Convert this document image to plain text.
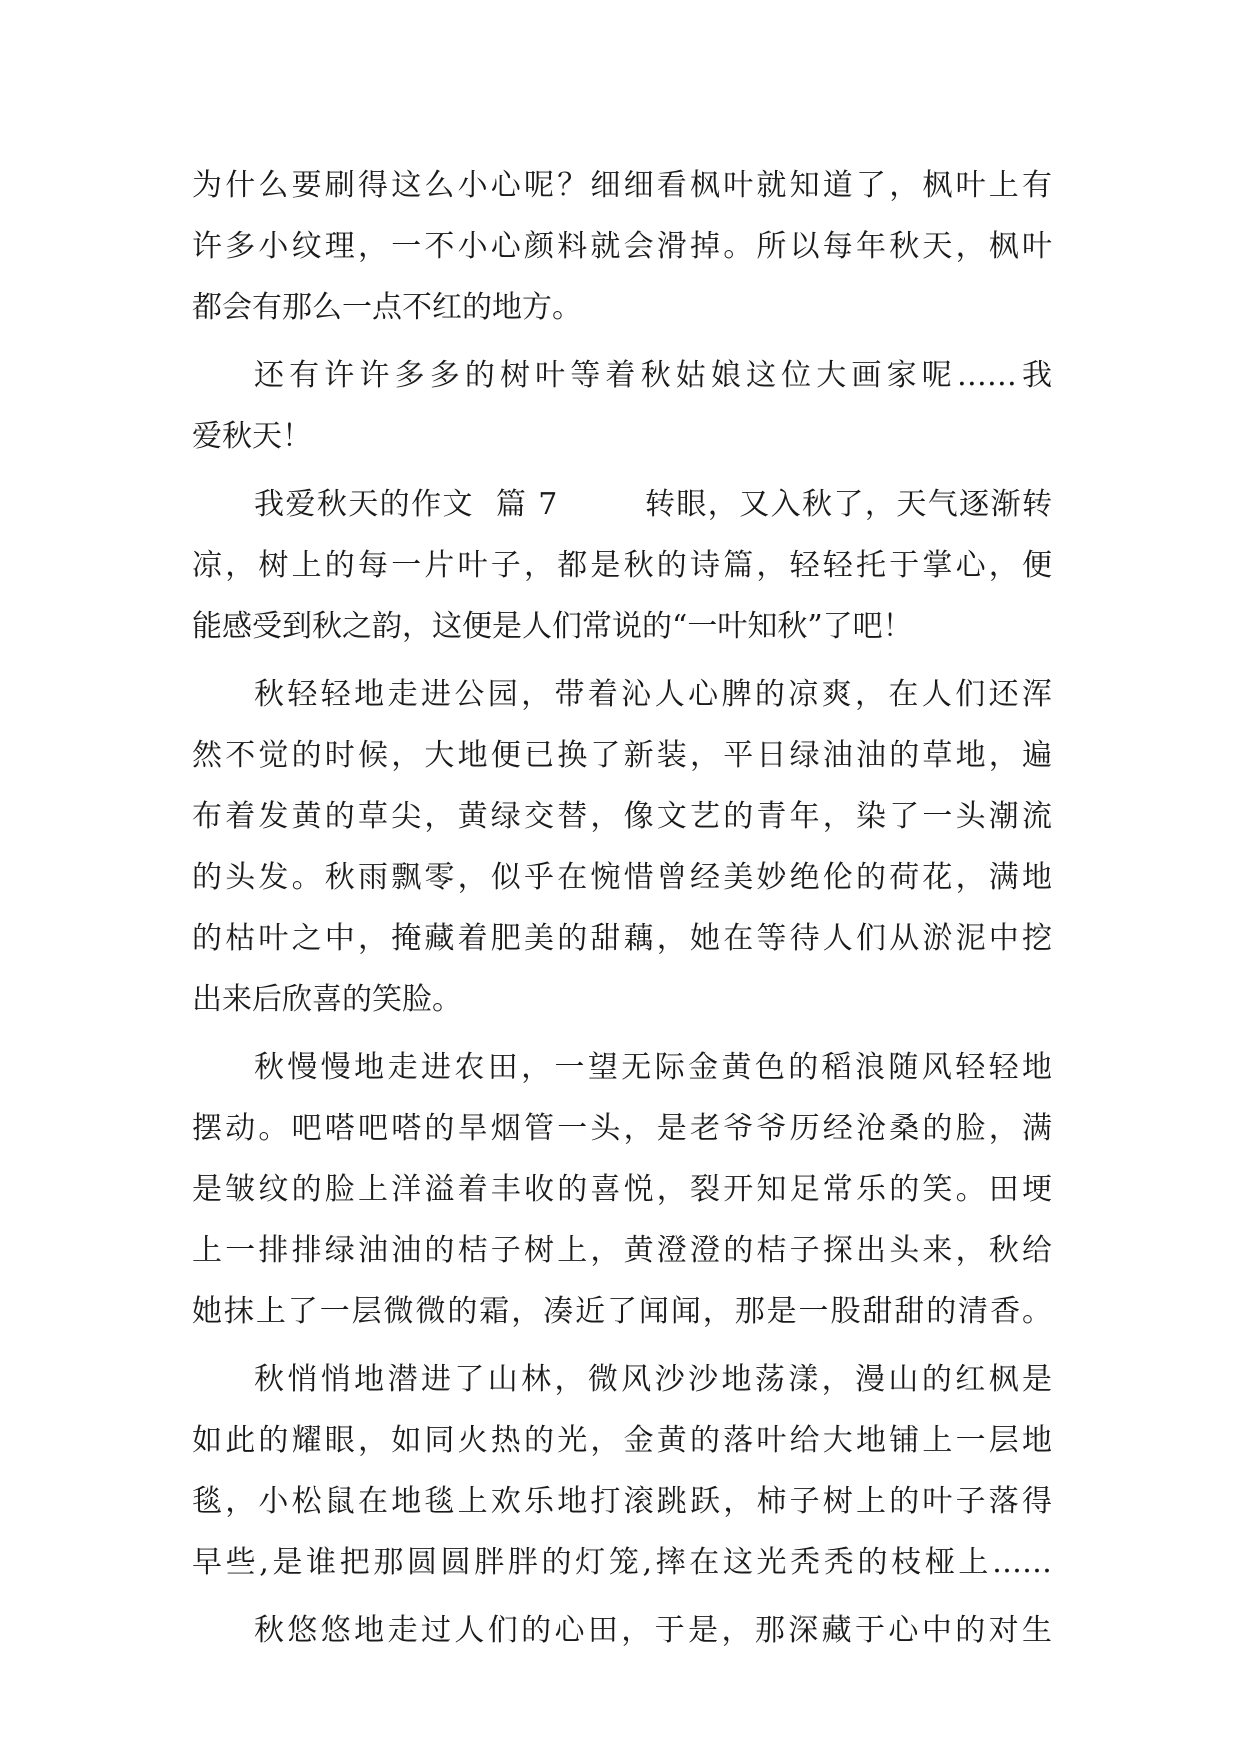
为什么要刷得这么小心呢？细细看枫叶就知道了，枫叶上有
许多小纹理，一不小心颜料就会滑掉。所以每年秋天，枫叶
都会有那么一点不红的地方。
还有许许多多的树叶等着秋姑娘这位大画家呢……我
爱秋天！
我爱秋天的作文  篇 7        转眼，又入秋了，天气逐渐转
凉，树上的每一片叶子，都是秋的诗篇，轻轻托于掌心，便
能感受到秋之韵，这便是人们常说的“一叶知秋”了吧！
秋轻轻地走进公园，带着沁人心脾的凉爽，在人们还浑
然不觉的时候，大地便已换了新装，平日绿油油的草地，遍
布着发黄的草尖，黄绿交替，像文艺的青年，染了一头潮流
的头发。秋雨飘零，似乎在惋惜曾经美妙绝伦的荷花，满地
的枯叶之中，掩藏着肥美的甜藕，她在等待人们从淤泥中挖
出来后欣喜的笑脸。
秋慢慢地走进农田，一望无际金黄色的稻浪随风轻轻地
摆动。吧嗒吧嗒的旱烟管一头，是老爷爷历经沧桑的脸，满
是皱纹的脸上洋溢着丰收的喜悦，裂开知足常乐的笑。田埂
上一排排绿油油的桔子树上，黄澄澄的桔子探出头来，秋给
她抹上了一层微微的霜，凑近了闻闻，那是一股甜甜的清香。
秋悄悄地潜进了山林，微风沙沙地荡漾，漫山的红枫是
如此的耀眼，如同火热的光，金黄的落叶给大地铺上一层地
毯，小松鼠在地毯上欢乐地打滚跳跃，柿子树上的叶子落得
早些,是谁把那圆圆胖胖的灯笼,摔在这光秃秃的枝桠上……
秋悠悠地走过人们的心田，于是，那深藏于心中的对生
